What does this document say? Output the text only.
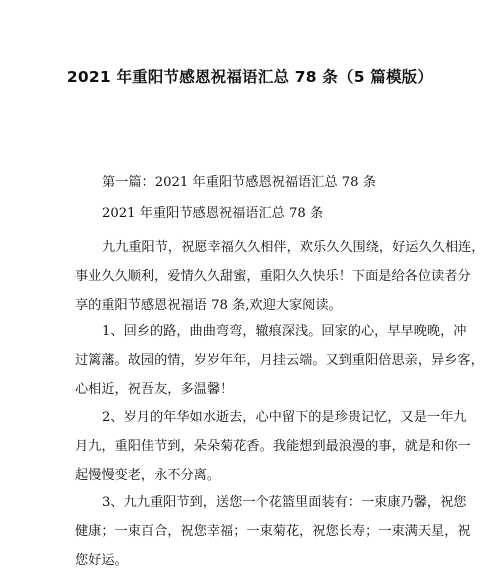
2021 年重阳节感恩祝福语汇总 78 条（5 篇模版）
第一篇：2021 年重阳节感恩祝福语汇总 78 条
2021 年重阳节感恩祝福语汇总 78 条
九九重阳节，祝愿幸福久久相伴，欢乐久久围绕，好运久久相连，
事业久久顺利，爱情久久甜蜜，重阳久久快乐！下面是给各位读者分
享的重阳节感恩祝福语 78 条,欢迎大家阅读。
1、回乡的路，曲曲弯弯，辙痕深浅。回家的心，早早晚晚，冲
过篱藩。故园的情，岁岁年年，月挂云端。又到重阳倍思亲，异乡客，
心相近，祝吾友，多温馨！
2、岁月的年华如水逝去，心中留下的是珍贵记忆，又是一年九
月九，重阳佳节到，朵朵菊花香。我能想到最浪漫的事，就是和你一
起慢慢变老，永不分离。
3、九九重阳节到，送您一个花篮里面装有：一束康乃馨，祝您
健康；一束百合，祝您幸福；一束菊花，祝您长寿；一束满天星，祝
您好运。
